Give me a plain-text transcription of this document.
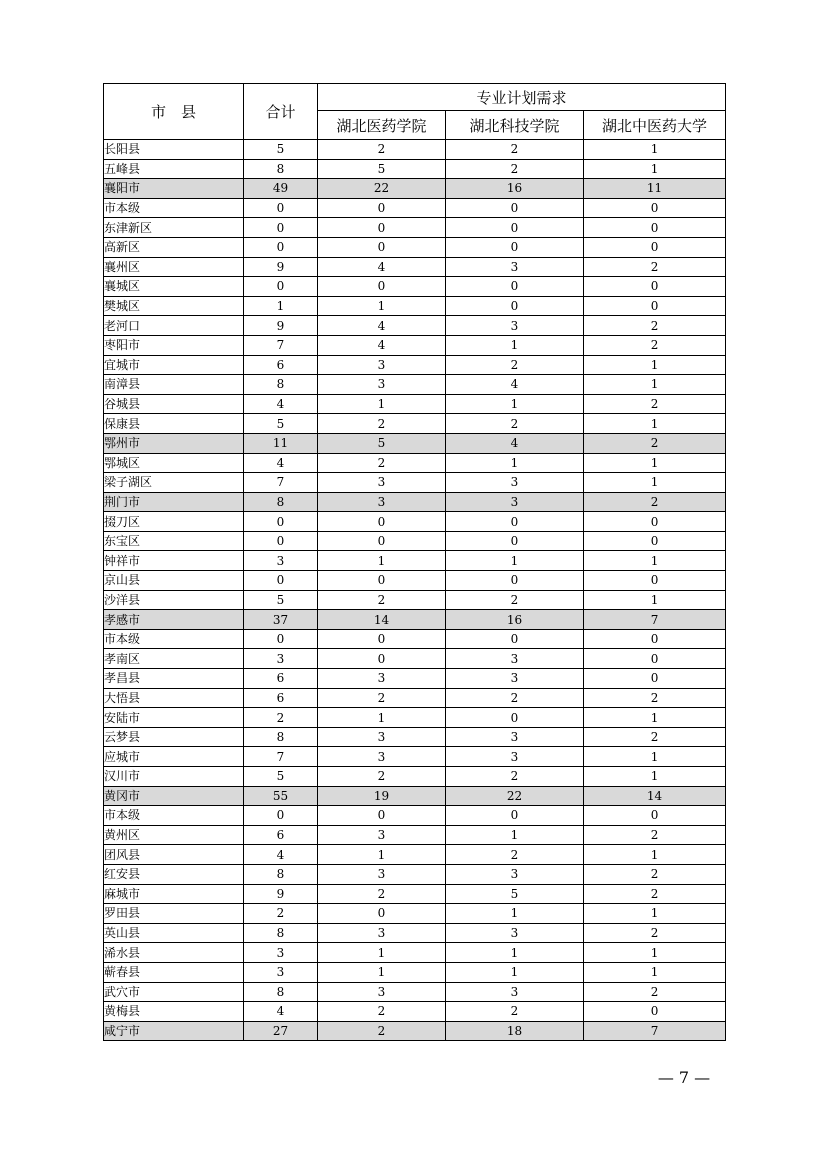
市　县	合计	专业计划需求		
		湖北医药学院	湖北科技学院	湖北中医药大学
长阳县	5	2	2	1
五峰县	8	5	2	1
襄阳市	49	22	16	11
市本级	0	0	0	0
东津新区	0	0	0	0
高新区	0	0	0	0
襄州区	9	4	3	2
襄城区	0	0	0	0
樊城区	1	1	0	0
老河口	9	4	3	2
枣阳市	7	4	1	2
宜城市	6	3	2	1
南漳县	8	3	4	1
谷城县	4	1	1	2
保康县	5	2	2	1
鄂州市	11	5	4	2
鄂城区	4	2	1	1
梁子湖区	7	3	3	1
荆门市	8	3	3	2
掇刀区	0	0	0	0
东宝区	0	0	0	0
钟祥市	3	1	1	1
京山县	0	0	0	0
沙洋县	5	2	2	1
孝感市	37	14	16	7
市本级	0	0	0	0
孝南区	3	0	3	0
孝昌县	6	3	3	0
大悟县	6	2	2	2
安陆市	2	1	0	1
云梦县	8	3	3	2
应城市	7	3	3	1
汉川市	5	2	2	1
黄冈市	55	19	22	14
市本级	0	0	0	0
黄州区	6	3	1	2
团风县	4	1	2	1
红安县	8	3	3	2
麻城市	9	2	5	2
罗田县	2	0	1	1
英山县	8	3	3	2
浠水县	3	1	1	1
蕲春县	3	1	1	1
武穴市	8	3	3	2
黄梅县	4	2	2	0
咸宁市	27	2	18	7
— 7 —
